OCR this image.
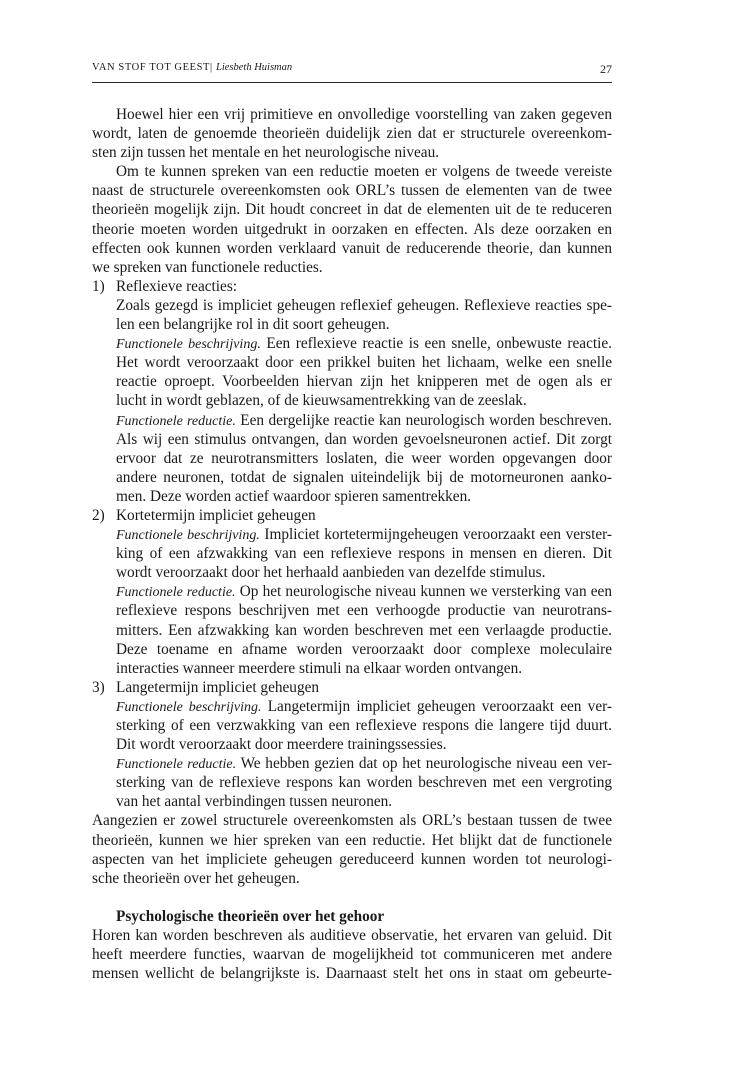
VAN STOF TOT GEEST| Liesbeth Huisman	27
Hoewel hier een vrij primitieve en onvolledige voorstelling van zaken gegeven
wordt, laten de genoemde theorieën duidelijk zien dat er structurele overeenkom-
sten zijn tussen het mentale en het neurologische niveau.
Om te kunnen spreken van een reductie moeten er volgens de tweede vereiste
naast de structurele overeenkomsten ook ORL’s tussen de elementen van de twee
theorieën mogelijk zijn. Dit houdt concreet in dat de elementen uit de te reduceren
theorie moeten worden uitgedrukt in oorzaken en effecten. Als deze oorzaken en
effecten ook kunnen worden verklaard vanuit de reducerende theorie, dan kunnen
we spreken van functionele reducties.
1) Reflexieve reacties:
Zoals gezegd is impliciet geheugen reflexief geheugen. Reflexieve reacties spe-
len een belangrijke rol in dit soort geheugen.
Functionele beschrijving. Een reflexieve reactie is een snelle, onbewuste reactie.
Het wordt veroorzaakt door een prikkel buiten het lichaam, welke een snelle
reactie oproept. Voorbeelden hiervan zijn het knipperen met de ogen als er
lucht in wordt geblazen, of de kieuwsamentrekking van de zeeslak.
Functionele reductie. Een dergelijke reactie kan neurologisch worden beschreven.
Als wij een stimulus ontvangen, dan worden gevoelsneuronen actief. Dit zorgt
ervoor dat ze neurotransmitters loslaten, die weer worden opgevangen door
andere neuronen, totdat de signalen uiteindelijk bij de motorneuronen aanko-
men. Deze worden actief waardoor spieren samentrekken.
2) Kortetermijn impliciet geheugen
Functionele beschrijving. Impliciet kortetermijngeheugen veroorzaakt een verster-
king of een afzwakking van een reflexieve respons in mensen en dieren. Dit
wordt veroorzaakt door het herhaald aanbieden van dezelfde stimulus.
Functionele reductie. Op het neurologische niveau kunnen we versterking van een
reflexieve respons beschrijven met een verhoogde productie van neurotrans-
mitters. Een afzwakking kan worden beschreven met een verlaagde productie.
Deze toename en afname worden veroorzaakt door complexe moleculaire
interacties wanneer meerdere stimuli na elkaar worden ontvangen.
3) Langetermijn impliciet geheugen
Functionele beschrijving. Langetermijn impliciet geheugen veroorzaakt een ver-
sterking of een verzwakking van een reflexieve respons die langere tijd duurt.
Dit wordt veroorzaakt door meerdere trainingssessies.
Functionele reductie. We hebben gezien dat op het neurologische niveau een ver-
sterking van de reflexieve respons kan worden beschreven met een vergroting
van het aantal verbindingen tussen neuronen.
Aangezien er zowel structurele overeenkomsten als ORL’s bestaan tussen de twee
theorieën, kunnen we hier spreken van een reductie. Het blijkt dat de functionele
aspecten van het impliciete geheugen gereduceerd kunnen worden tot neurologi-
sche theorieën over het geheugen.
Psychologische theorieën over het gehoor
Horen kan worden beschreven als auditieve observatie, het ervaren van geluid. Dit
heeft meerdere functies, waarvan de mogelijkheid tot communiceren met andere
mensen wellicht de belangrijkste is. Daarnaast stelt het ons in staat om gebeurte-
